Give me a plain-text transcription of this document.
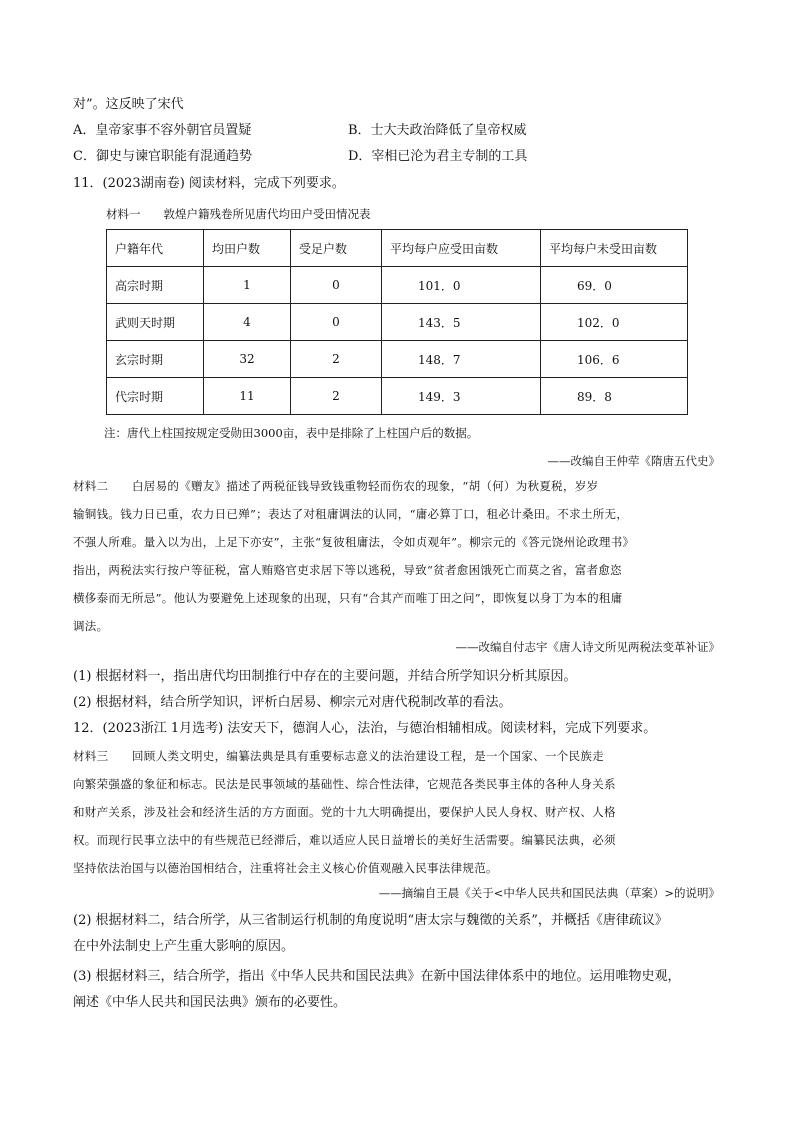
对”。这反映了宋代
A．皇帝家事不容外朝官员置疑	B．士大夫政治降低了皇帝权威
C．御史与谏官职能有混通趋势	D．宰相已沦为君主专制的工具
11．(2023湖南卷) 阅读材料，完成下列要求。
材料一　　敦煌户籍残卷所见唐代均田户受田情况表
户籍年代	均田户数	受足户数	平均每户应受田亩数	平均每户未受田亩数
高宗时期	1	0	101．0	69．0
武则天时期	4	0	143．5	102．0
玄宗时期	32	2	148．7	106．6
代宗时期	11	2	149．3	89．8
注：唐代上柱国按规定受勋田3000亩，表中是排除了上柱国户后的数据。
——改编自王仲荦《隋唐五代史》
材料二　　白居易的《赠友》描述了两税征钱导致钱重物轻而伤农的现象，“胡（何）为秋夏税，岁岁
输铜钱。钱力日已重，农力日已殚”；表达了对租庸调法的认同，“庸必算丁口，租必计桑田。不求土所无，
不强人所难。量入以为出，上足下亦安”，主张“复彼租庸法，令如贞观年”。柳宗元的《答元饶州论政理书》
指出，两税法实行按户等征税，富人贿赂官吏求居下等以逃税，导致“贫者愈困饿死亡而莫之省，富者愈恣
横侈泰而无所忌”。他认为要避免上述现象的出现，只有“合其产而唯丁田之问”，即恢复以身丁为本的租庸
调法。
——改编自付志宇《唐人诗文所见两税法变革补证》
(1) 根据材料一，指出唐代均田制推行中存在的主要问题，并结合所学知识分析其原因。
(2) 根据材料，结合所学知识，评析白居易、柳宗元对唐代税制改革的看法。
12．(2023浙江 1月选考) 法安天下，德润人心，法治，与德治相辅相成。阅读材料，完成下列要求。
材料三　　回顾人类文明史，编纂法典是具有重要标志意义的法治建设工程，是一个国家、一个民族走
向繁荣强盛的象征和标志。民法是民事领域的基础性、综合性法律，它规范各类民事主体的各种人身关系
和财产关系，涉及社会和经济生活的方方面面。党的十九大明确提出，要保护人民人身权、财产权、人格
权。而现行民事立法中的有些规范已经滞后，难以适应人民日益增长的美好生活需要。编纂民法典，必须
坚持依法治国与以德治国相结合，注重将社会主义核心价值观融入民事法律规范。
——摘编自王晨《关于<中华人民共和国民法典（草案）>的说明》
(2) 根据材料二，结合所学，从三省制运行机制的角度说明“唐太宗与魏徵的关系”，并概括《唐律疏议》
在中外法制史上产生重大影响的原因。
(3) 根据材料三，结合所学，指出《中华人民共和国民法典》在新中国法律体系中的地位。运用唯物史观，
阐述《中华人民共和国民法典》颁布的必要性。
